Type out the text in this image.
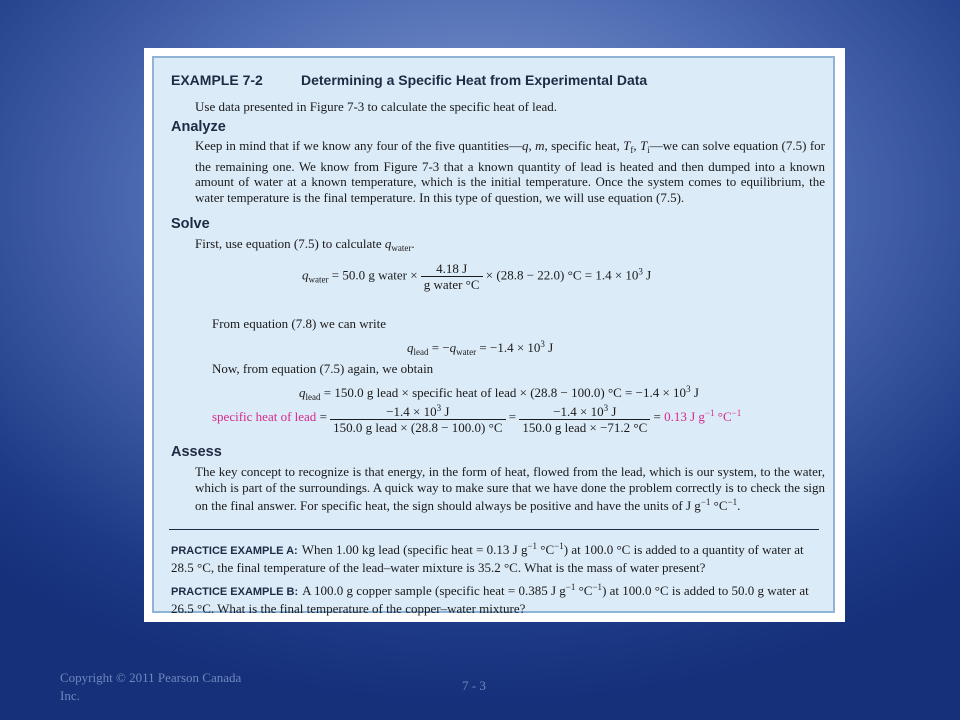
EXAMPLE 7-2	Determining a Specific Heat from Experimental Data
Use data presented in Figure 7-3 to calculate the specific heat of lead.
Analyze
Keep in mind that if we know any four of the five quantities—q, m, specific heat, $T_f$, $T_i—we$ can solve equation (7.5) for the remaining one. We know from Figure 7-3 that a known quantity of lead is heated and then dumped into a known amount of water at a known temperature, which is the initial temperature. Once the system comes to equilibrium, the water temperature is the final temperature. In this type of question, we will use equation (7.5).
Solve
First, use equation (7.5) to calculate $q_{water}$.
$q_{water} = 50.0$ g water × $\frac{4.18 J}{\text{g water °C}} \times (28.8 - 22.0) ^\circ C = 1.4 \times 10^3$ J
From equation (7.8) we can write
$q_{lead} = -q_{water} = -1.4 \times 10^3$ J
Now, from equation (7.5) again, we obtain
$q_{lead} = 150.0$ g lead × specific heat of lead × (28.8 − 100.0) $^\circ C = -1.4 \times 10^3$ J
specific heat of lead = $\frac{-1.4 \times 10^3 J}{\text{150.0 g lead × (28.8 − 100.0) °C}} = \frac{-1.4 \times 10^3 J}{\text{150.0 g lead × −71.2 °C}} = 0.13$ J $g^{-1}$ $^\circ C^{-1}$
Assess
The key concept to recognize is that energy, in the form of heat, flowed from the lead, which is our system, to the water, which is part of the surroundings. A quick way to make sure that we have done the problem correctly is to check the sign on the final answer. For specific heat, the sign should always be positive and have the units of J $g^{-1}$ $^\circ C^{-1}$.
PRACTICE EXAMPLE A: When 1.00 kg lead (specific heat = 0.13 J $g^{-1}$ $^\circ C^{-1}$) at 100.0 °C is added to a quantity of water at 28.5 °C, the final temperature of the lead–water mixture is 35.2 °C. What is the mass of water present?
PRACTICE EXAMPLE B: A 100.0 g copper sample (specific heat = 0.385 J $g^{-1}$ $^\circ C^{-1}$) at 100.0 °C is added to 50.0 g water at 26.5 °C. What is the final temperature of the copper–water mixture?
Copyright © 2011 Pearson Canada Inc.
7 - 3
